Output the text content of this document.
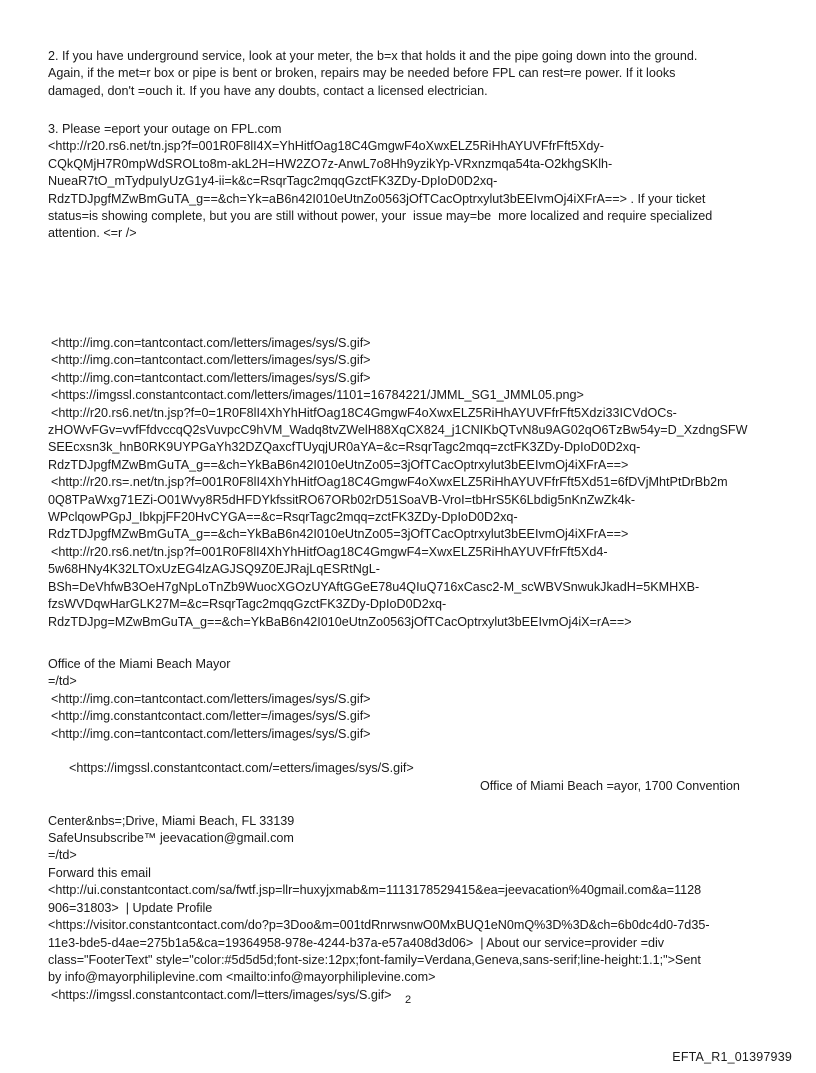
2. If you have underground service, look at your meter, the b=x that holds it and the pipe going down into the ground.
Again, if the met=r box or pipe is bent or broken, repairs may be needed before FPL can rest=re power. If it looks
damaged, don't =ouch it. If you have any doubts, contact a licensed electrician.
3. Please =eport your outage on FPL.com
<http://r20.rs6.net/tn.jsp?f=001R0F8lI4X=YhHitfOag18C4GmgwF4oXwxELZ5RiHhAYUVFfrFft5Xdy-
CQkQMjH7R0mpWdSROLto8m-akL2H=HW2ZO7z-AnwL7o8Hh9yzikYp-VRxnzmqa54ta-O2khgSKlh-
NueaR7tO_mTydpuIyUzG1y4-ii=k&c=RsqrTagc2mqqGzctFK3ZDy-DpIoD0D2xq-
RdzTDJpgfMZwBmGuTA_g==&ch=Yk=aB6n42I010eUtnZo0563jOfTCacOptrxylut3bEEIvmOj4iXFrA==> . If your ticket
status=is showing complete, but you are still without power, your  issue may=be  more localized and require specialized
attention. <=r />
<http://img.con=tantcontact.com/letters/images/sys/S.gif>
<http://img.con=tantcontact.com/letters/images/sys/S.gif>
<http://img.con=tantcontact.com/letters/images/sys/S.gif>
<https://imgssl.constantcontact.com/letters/images/1101=16784221/JMML_SG1_JMML05.png>
<http://r20.rs6.net/tn.jsp?f=0=1R0F8lI4XhYhHitfOag18C4GmgwF4oXwxELZ5RiHhAYUVFfrFft5Xdzi33ICVdOCs-
zHOWvFGv=vvfFfdvccqQ2sVuvpcC9hVM_Wadq8tvZWelH88XqCX824_j1CNIKbQTvN8u9AG02qO6TzBw54y=D_XzdngSFW
SEEcxsn3k_hnB0RK9UYPGaYh32DZQaxcfTUyqjUR0aYA=&c=RsqrTagc2mqq=zctFK3ZDy-DpIoD0D2xq-
RdzTDJpgfMZwBmGuTA_g==&ch=YkBaB6n42I010eUtnZo05=3jOfTCacOptrxylut3bEEIvmOj4iXFrA==>
<http://r20.rs=.net/tn.jsp?f=001R0F8lI4XhYhHitfOag18C4GmgwF4oXwxELZ5RiHhAYUVFfrFft5Xd51=6fDVjMhtPtDrBb2m
0Q8TPaWxg71EZi-O01Wvy8R5dHFDYkfssitRO67ORb02rD51SoaVB-VroI=tbHrS5K6Lbdig5nKnZwZk4k-
WPclqowPGpJ_IbkpjFF20HvCYGA==&c=RsqrTagc2mqq=zctFK3ZDy-DpIoD0D2xq-
RdzTDJpgfMZwBmGuTA_g==&ch=YkBaB6n42I010eUtnZo05=3jOfTCacOptrxylut3bEEIvmOj4iXFrA==>
<http://r20.rs6.net/tn.jsp?f=001R0F8lI4XhYhHitfOag18C4GmgwF4=XwxELZ5RiHhAYUVFfrFft5Xd4-
5w68HNy4K32LTOxUzEG4lzAGJSQ9Z0EJRajLqESRtNgL-
BSh=DeVhfwB3OeH7gNpLoTnZb9WuocXGOzUYAftGGeE78u4QIuQ716xCasc2-M_scWBVSnwukJkadH=5KMHXB-
fzsWVDqwHarGLK27M=&c=RsqrTagc2mqqGzctFK3ZDy-DpIoD0D2xq-
RdzTDJpg=MZwBmGuTA_g==&ch=YkBaB6n42I010eUtnZo0563jOfTCacOptrxylut3bEEIvmOj4iX=rA==>
Office of the Miami Beach Mayor
=/td>
<http://img.con=tantcontact.com/letters/images/sys/S.gif>
<http://img.constantcontact.com/letter=/images/sys/S.gif>
<http://img.con=tantcontact.com/letters/images/sys/S.gif>

<https://imgssl.constantcontact.com/=etters/images/sys/S.gif>

Office of Miami Beach =ayor, 1700 Convention

Center&nbs=;Drive, Miami Beach, FL 33139
SafeUnsubscribe™ jeevacation@gmail.com
=/td>
Forward this email
<http://ui.constantcontact.com/sa/fwtf.jsp=llr=huxyjxmab&m=1113178529415&ea=jeevacation%40gmail.com&a=1128
906=31803>  | Update Profile
<https://visitor.constantcontact.com/do?p=3Doo&m=001tdRnrwsnwO0MxBUQ1eN0mQ%3D%3D&ch=6b0dc4d0-7d35-
11e3-bde5-d4ae=275b1a5&ca=19364958-978e-4244-b37a-e57a408d3d06>  | About our service=provider =div
class="FooterText" style="color:#5d5d5d;font-size:12px;font-family=Verdana,Geneva,sans-serif;line-height:1.1;">Sent
by info@mayorphiliplevine.com <mailto:info@mayorphiliplevine.com>
<https://imgssl.constantcontact.com/l=tters/images/sys/S.gif>	2
EFTA_R1_01397939
